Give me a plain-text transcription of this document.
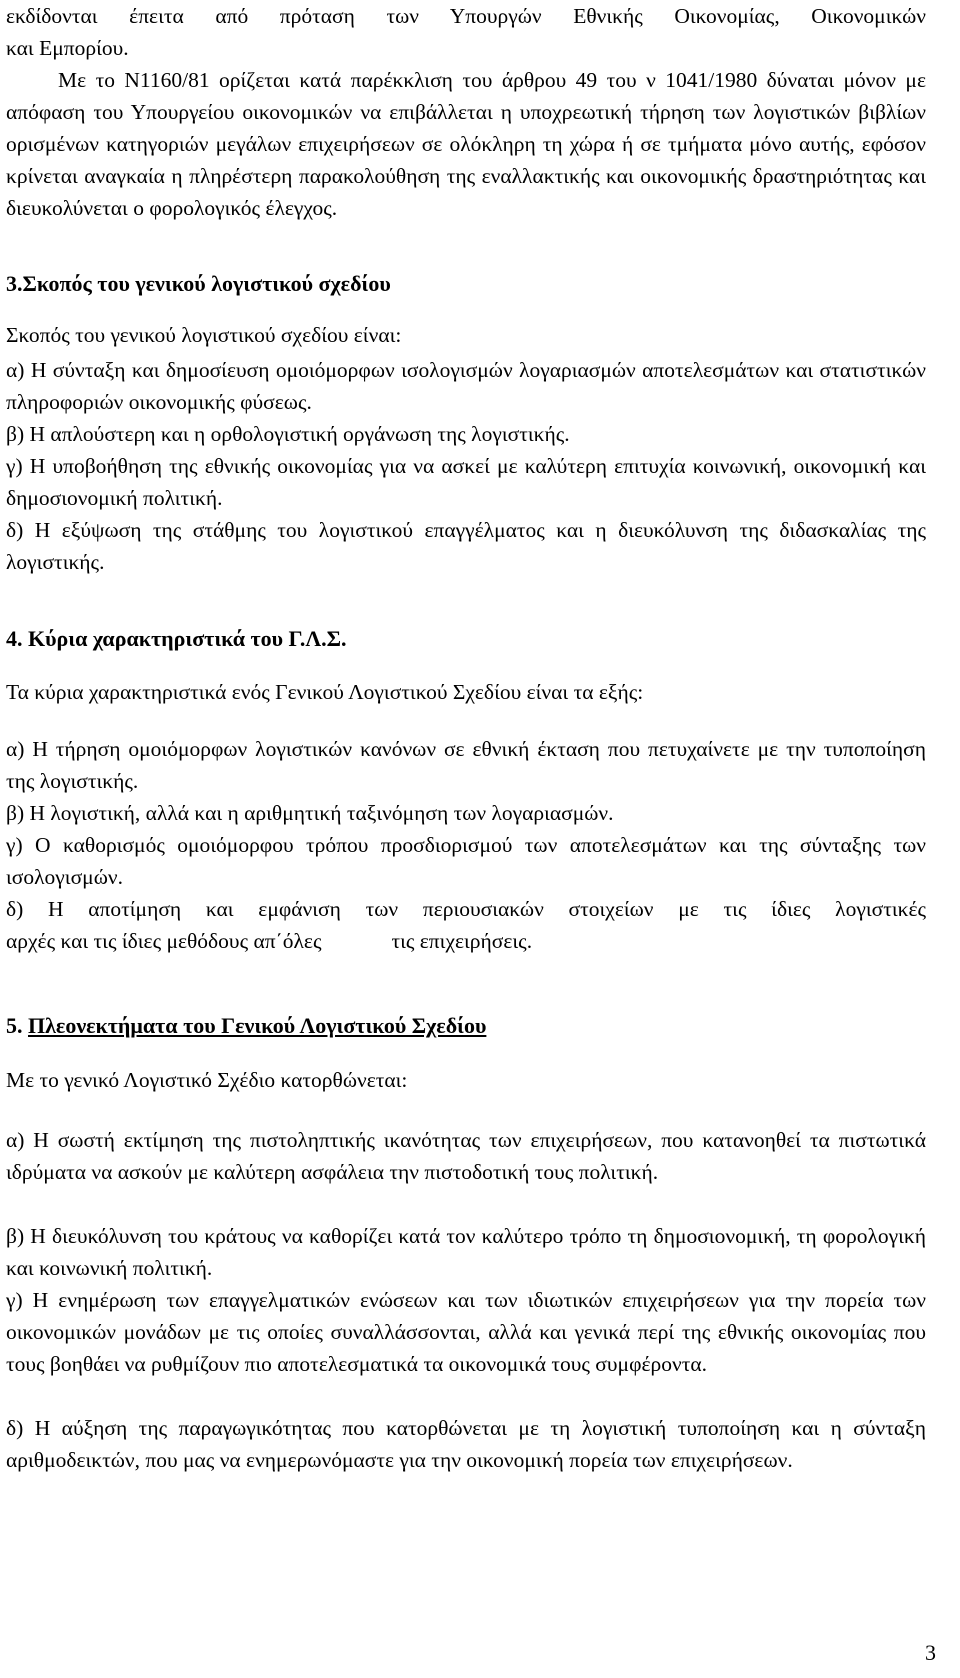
εκδίδονται έπειτα από πρόταση των Υπουργών Εθνικής Οικονομίας, Οικονομικών
και Εμπορίου.
Με το Ν1160/81 ορίζεται κατά παρέκκλιση του άρθρου 49 του ν 1041/1980 δύναται μόνον με απόφαση του Υπουργείου οικονομικών να επιβάλλεται η υποχρεωτική τήρηση των λογιστικών βιβλίων ορισμένων κατηγοριών μεγάλων επιχειρήσεων σε ολόκληρη τη χώρα ή σε τμήματα μόνο αυτής, εφόσον κρίνεται αναγκαία η πληρέστερη παρακολούθηση της εναλλακτικής και οικονομικής δραστηριότητας και διευκολύνεται ο φορολογικός έλεγχος.
3.Σκοπός του γενικού λογιστικού σχεδίου
Σκοπός του γενικού λογιστικού σχεδίου είναι:
α) Η σύνταξη και δημοσίευση ομοιόμορφων ισολογισμών λογαριασμών αποτελεσμάτων και στατιστικών πληροφοριών οικονομικής φύσεως.
β) Η απλούστερη και η ορθολογιστική οργάνωση της λογιστικής.
γ) Η υποβοήθηση της εθνικής οικονομίας για να ασκεί με καλύτερη επιτυχία κοινωνική, οικονομική και δημοσιονομική πολιτική.
δ) Η εξύψωση της στάθμης του λογιστικού επαγγέλματος και η διευκόλυνση της διδασκαλίας της λογιστικής.
4. Κύρια χαρακτηριστικά του Γ.Λ.Σ.
Τα κύρια χαρακτηριστικά ενός Γενικού Λογιστικού Σχεδίου είναι τα εξής:
α) Η τήρηση ομοιόμορφων λογιστικών κανόνων σε εθνική έκταση που πετυχαίνετε με την τυποποίηση της λογιστικής.
β) Η λογιστική, αλλά και η αριθμητική ταξινόμηση των λογαριασμών.
γ) Ο καθορισμός ομοιόμορφου τρόπου προσδιορισμού των αποτελεσμάτων και της σύνταξης των ισολογισμών.
δ) Η αποτίμηση και εμφάνιση των περιουσιακών στοιχείων με τις ίδιες λογιστικές
αρχές και τις ίδιες μεθόδους απ΄όλες	τις επιχειρήσεις.
5. Πλεονεκτήματα του Γενικού Λογιστικού Σχεδίου
Με το γενικό Λογιστικό Σχέδιο κατορθώνεται:
α) Η σωστή εκτίμηση της πιστοληπτικής ικανότητας των επιχειρήσεων, που κατανοηθεί τα πιστωτικά ιδρύματα να ασκούν με καλύτερη ασφάλεια την πιστοδοτική τους πολιτική.
β) Η διευκόλυνση του κράτους να καθορίζει κατά τον καλύτερο τρόπο τη δημοσιονομική, τη φορολογική και κοινωνική πολιτική.
γ) Η ενημέρωση των επαγγελματικών ενώσεων και των ιδιωτικών επιχειρήσεων για την πορεία των οικονομικών μονάδων με τις οποίες συναλλάσσονται, αλλά και γενικά περί της εθνικής οικονομίας που τους βοηθάει να ρυθμίζουν πιο αποτελεσματικά τα οικονομικά τους συμφέροντα.
δ) Η αύξηση της παραγωγικότητας που κατορθώνεται με τη λογιστική τυποποίηση και η σύνταξη αριθμοδεικτών, που μας να ενημερωνόμαστε για την οικονομική πορεία των επιχειρήσεων.
3
